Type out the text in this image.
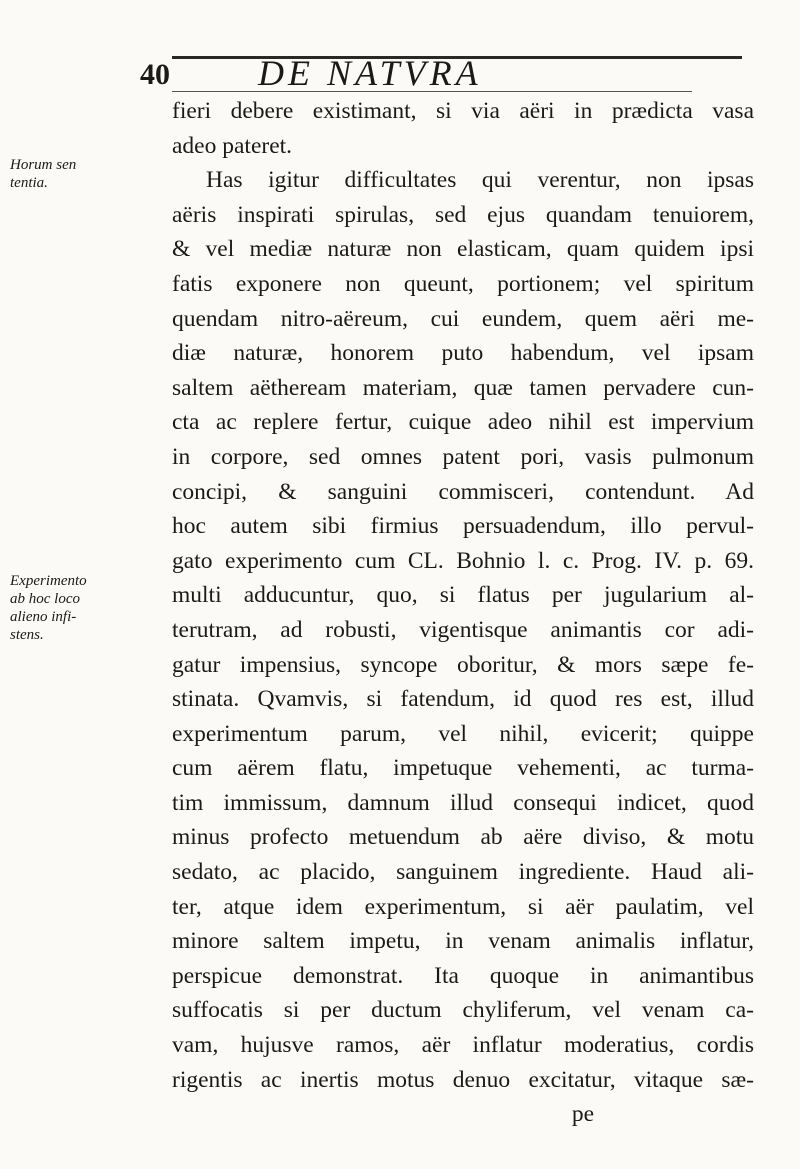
40 DE NATVRA
Horum sen
tentia.
Experimento
ab hoc loco
alieno infi-
stens.
fieri debere existimant, si via aëri in prædicta vasa
adeo pateret.
Has igitur difficultates qui verentur, non ipsas
aëris inspirati spirulas, sed ejus quandam tenuiorem,
& vel mediæ naturæ non elasticam, quam quidem ipsi
fatis exponere non queunt, portionem; vel spiritum
quendam nitro-aëreum, cui eundem, quem aëri me-
diæ naturæ, honorem puto habendum, vel ipsam
saltem aëtheream materiam, quæ tamen pervadere cun-
cta ac replere fertur, cuique adeo nihil est impervium
in corpore, sed omnes patent pori, vasis pulmonum
concipi, & sanguini commisceri, contendunt. Ad
hoc autem sibi firmius persuadendum, illo pervul-
gato experimento cum CL. Bohnio l. c. Prog. IV. p. 69.
multi adducuntur, quo, si flatus per jugularium al-
terutram, ad robusti, vigentisque animantis cor adi-
gatur impensius, syncope oboritur, & mors sæpe fe-
stinata. Qvamvis, si fatendum, id quod res est, illud
experimentum parum, vel nihil, evicerit; quippe
cum aërem flatu, impetuque vehementi, ac turma-
tim immissum, damnum illud consequi indicet, quod
minus profecto metuendum ab aëre diviso, & motu
sedato, ac placido, sanguinem ingrediente. Haud ali-
ter, atque idem experimentum, si aër paulatim, vel
minore saltem impetu, in venam animalis inflatur,
perspicue demonstrat. Ita quoque in animantibus
suffocatis si per ductum chyliferum, vel venam ca-
vam, hujusve ramos, aër inflatur moderatius, cordis
rigentis ac inertis motus denuo excitatur, vitaque sæ-
pe
